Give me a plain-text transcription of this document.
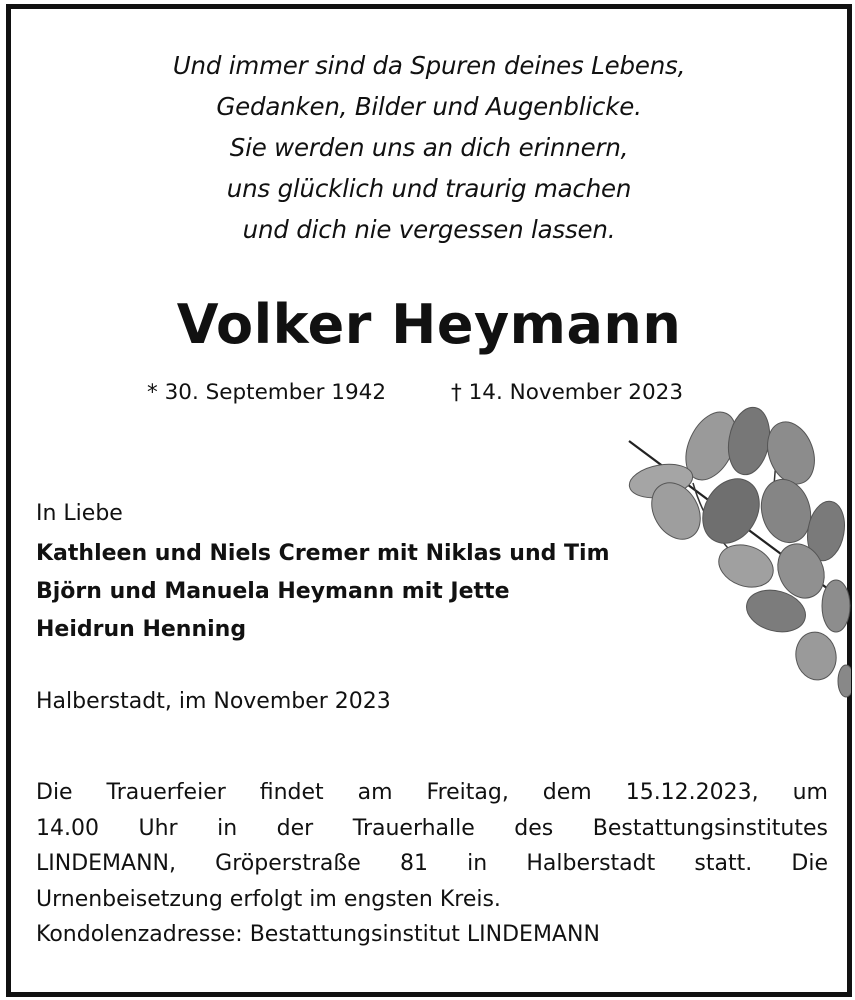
Und immer sind da Spuren deines Lebens,
Gedanken, Bilder und Augenblicke.
Sie werden uns an dich erinnern,
uns glücklich und traurig machen
und dich nie vergessen lassen.
Volker Heymann
* 30. September 1942	† 14. November 2023
In Liebe
Kathleen und Niels Cremer mit Niklas und Tim
Björn und Manuela Heymann mit Jette
Heidrun Henning
Halberstadt, im November 2023
Die Trauerfeier findet am Freitag, dem 15.12.2023, um
14.00 Uhr in der Trauerhalle des Bestattungsinstitutes
LINDEMANN, Gröperstraße 81 in Halberstadt statt. Die
Urnenbeisetzung erfolgt im engsten Kreis.
Kondolenzadresse: Bestattungsinstitut LINDEMANN
